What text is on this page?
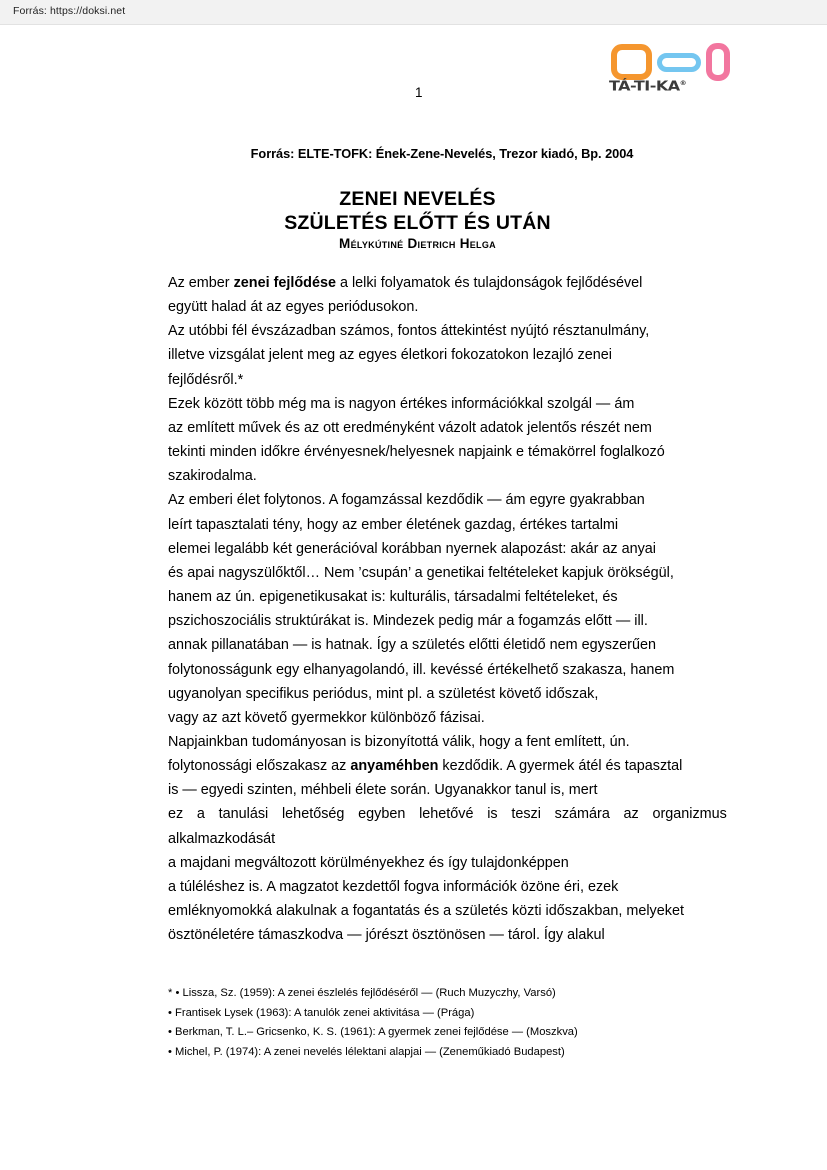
Forrás: https://doksi.net
TÁ-TI-KA®
1
Forrás: ELTE-TOFK: Ének-Zene-Nevelés, Trezor kiadó, Bp. 2004
ZENEI NEVELÉS
SZÜLETÉS ELŐTT ÉS UTÁN
Mélykútiné Dietrich Helga
Az ember zenei fejlődése a lelki folyamatok és tulajdonságok fejlődésével
együtt halad át az egyes periódusokon.
Az utóbbi fél évszázadban számos, fontos áttekintést nyújtó résztanulmány,
illetve vizsgálat jelent meg az egyes életkori fokozatokon lezajló zenei
fejlődésről.*
Ezek között több még ma is nagyon értékes információkkal szolgál — ám
az említett művek és az ott eredményként vázolt adatok jelentős részét nem
tekinti minden időkre érvényesnek/helyesnek napjaink e témakörrel foglalkozó
szakirodalma.
Az emberi élet folytonos. A fogamzással kezdődik — ám egyre gyakrabban
leírt tapasztalati tény, hogy az ember életének gazdag, értékes tartalmi
elemei legalább két generációval korábban nyernek alapozást: akár az anyai
és apai nagyszülőktől… Nem ’csupán’ a genetikai feltételeket kapjuk örökségül,
hanem az ún. epigenetikusakat is: kulturális, társadalmi feltételeket, és
pszichoszociális struktúrákat is. Mindezek pedig már a fogamzás előtt — ill.
annak pillanatában — is hatnak. Így a születés előtti életidő nem egyszerűen
folytonosságunk egy elhanyagolandó, ill. kevéssé értékelhető szakasza, hanem
ugyanolyan specifikus periódus, mint pl. a születést követő időszak,
vagy az azt követő gyermekkor különböző fázisai.
Napjainkban tudományosan is bizonyítottá válik, hogy a fent említett, ún.
folytonossági előszakasz az anyaméhben kezdődik. A gyermek átél és tapasztal
is — egyedi szinten, méhbeli élete során. Ugyanakkor tanul is, mert
ez a tanulási lehetőség egyben lehetővé is teszi számára az organizmus
alkalmazkodását
a majdani megváltozott körülményekhez és így tulajdonképpen
a túléléshez is. A magzatot kezdettől fogva információk özöne éri, ezek
emléknyomokká alakulnak a fogantatás és a születés közti időszakban, melyeket
ösztönéletére támaszkodva — jórészt ösztönösen — tárol. Így alakul
* • Lissza, Sz. (1959): A zenei észlelés fejlődéséről — (Ruch Muzyczhy, Varsó)
• Frantisek Lysek (1963): A tanulók zenei aktivitása — (Prága)
• Berkman, T. L.– Gricsenko, K. S. (1961): A gyermek zenei fejlődése — (Moszkva)
• Michel, P. (1974): A zenei nevelés lélektani alapjai — (Zeneműkiadó Budapest)
